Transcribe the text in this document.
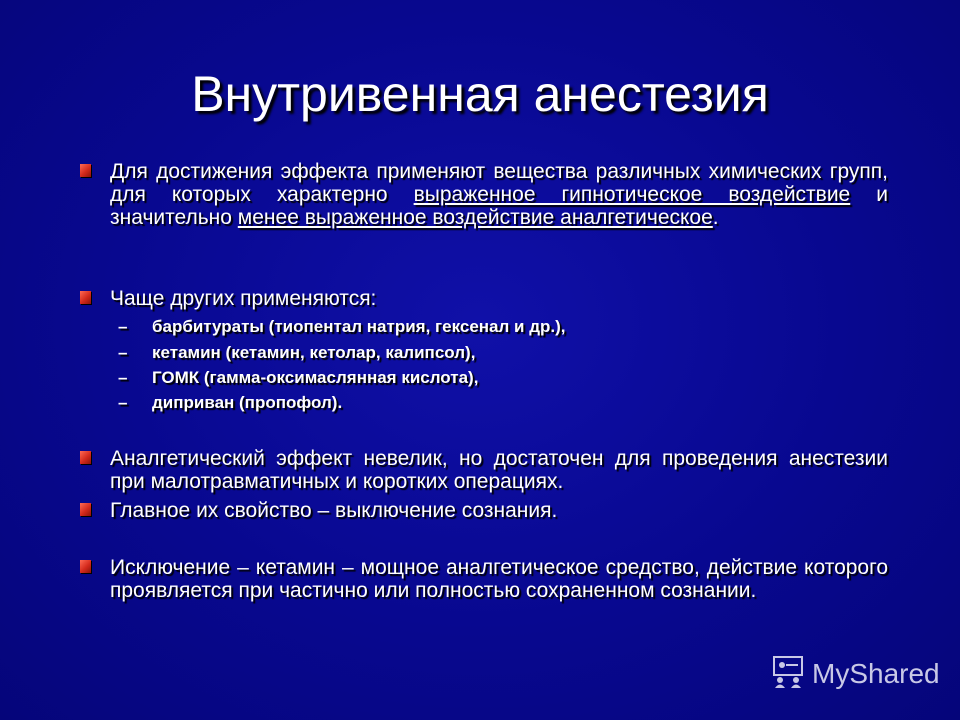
Внутривенная анестезия
Для достижения эффекта применяют вещества различных химических групп, для которых характерно выраженное гипнотическое воздействие и значительно менее выраженное воздействие аналгетическое.
Чаще других применяются:
– барбитураты (тиопентал натрия, гексенал и др.),
– кетамин (кетамин, кетолар, калипсол),
– ГОМК (гамма-оксимаслянная кислота),
– диприван (пропофол).
Аналгетический эффект невелик, но достаточен для проведения анестезии при малотравматичных и коротких операциях.
Главное их свойство – выключение сознания.
Исключение – кетамин – мощное аналгетическое средство, действие которого проявляется при частично или полностью сохраненном сознании.
MyShared
